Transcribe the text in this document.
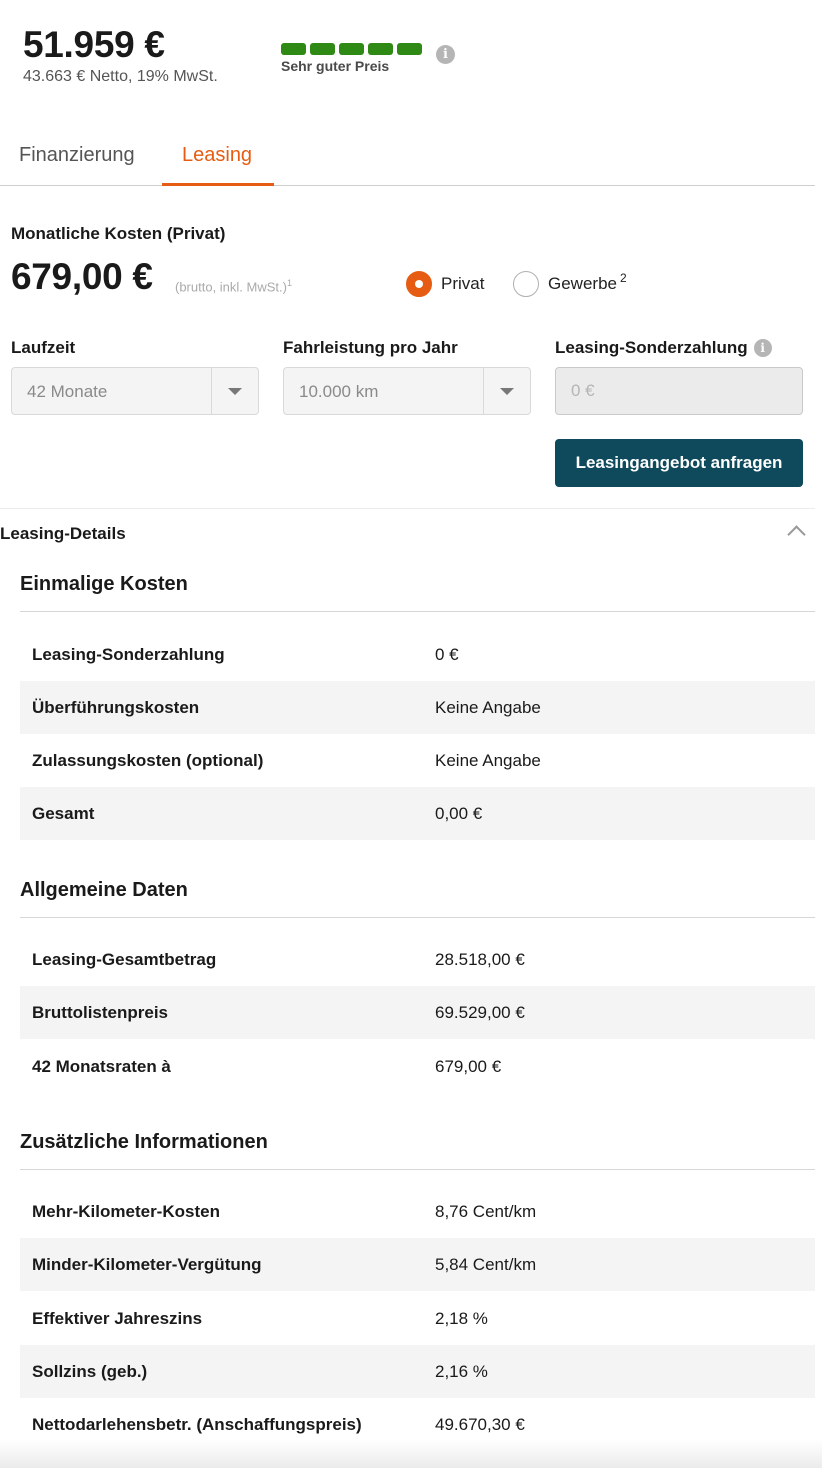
51.959 €
43.663 € Netto, 19% MwSt.
Sehr guter Preis
i
Finanzierung Leasing
Monatliche Kosten (Privat)
679,00 € (brutto, inkl. MwSt.)$^1$	Privat	Gewerbe $^2$
Laufzeit
42 Monate
Fahrleistung pro Jahr
10.000 km
Leasing-Sonderzahlung i
0 €
Leasingangebot anfragen
Leasing-Details
Einmalige Kosten
Leasing-Sonderzahlung	0 €
Überführungskosten	Keine Angabe
Zulassungskosten (optional)	Keine Angabe
Gesamt	0,00 €
Allgemeine Daten
Leasing-Gesamtbetrag	28.518,00 €
Bruttolistenpreis	69.529,00 €
42 Monatsraten à	679,00 €
Zusätzliche Informationen
Mehr-Kilometer-Kosten	8,76 Cent/km
Minder-Kilometer-Vergütung	5,84 Cent/km
Effektiver Jahreszins	2,18 %
Sollzins (geb.)	2,16 %
Nettodarlehensbetr. (Anschaffungspreis)	49.670,30 €
